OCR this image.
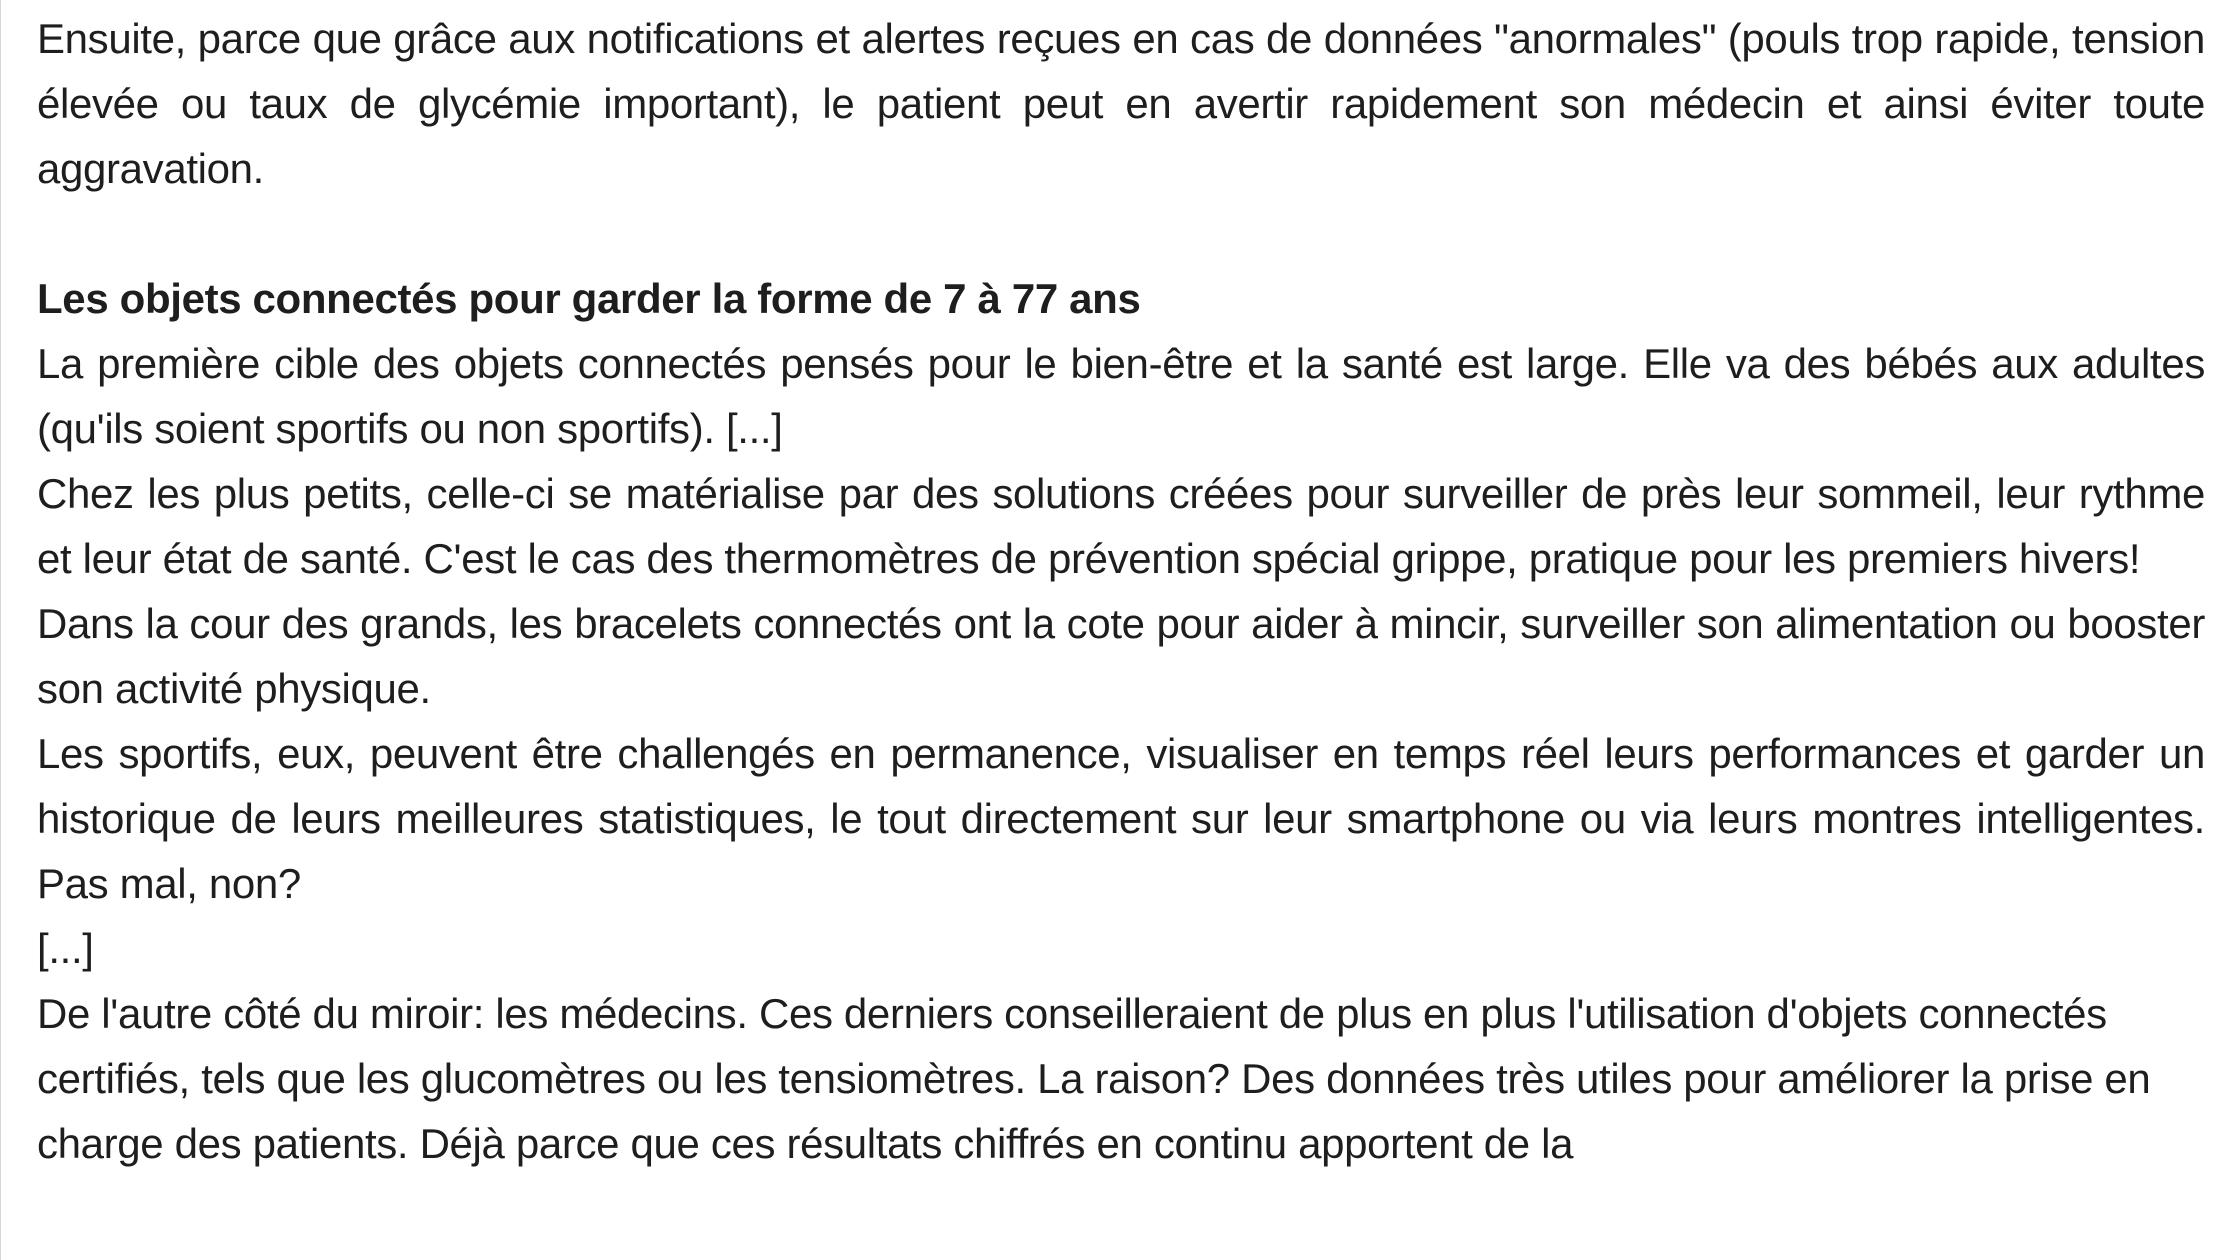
Ensuite, parce que grâce aux notifications et alertes reçues en cas de données "anormales" (pouls trop rapide, tension élevée ou taux de glycémie important), le patient peut en avertir rapidement son médecin et ainsi éviter toute aggravation.

Les objets connectés pour garder la forme de 7 à 77 ans

La première cible des objets connectés pensés pour le bien-être et la santé est large. Elle va des bébés aux adultes (qu'ils soient sportifs ou non sportifs). [...]

Chez les plus petits, celle-ci se matérialise par des solutions créées pour surveiller de près leur sommeil, leur rythme et leur état de santé. C'est le cas des thermomètres de prévention spécial grippe, pratique pour les premiers hivers!

Dans la cour des grands, les bracelets connectés ont la cote pour aider à mincir, surveiller son alimentation ou booster son activité physique.

Les sportifs, eux, peuvent être challengés en permanence, visualiser en temps réel leurs performances et garder un historique de leurs meilleures statistiques, le tout directement sur leur smartphone ou via leurs montres intelligentes. Pas mal, non?

[...]

De l'autre côté du miroir: les médecins. Ces derniers conseilleraient de plus en plus l'utilisation d'objets connectés certifiés, tels que les glucomètres ou les tensiomètres. La raison? Des données très utiles pour améliorer la prise en charge des patients. Déjà parce que ces résultats chiffrés en continu apportent de la
